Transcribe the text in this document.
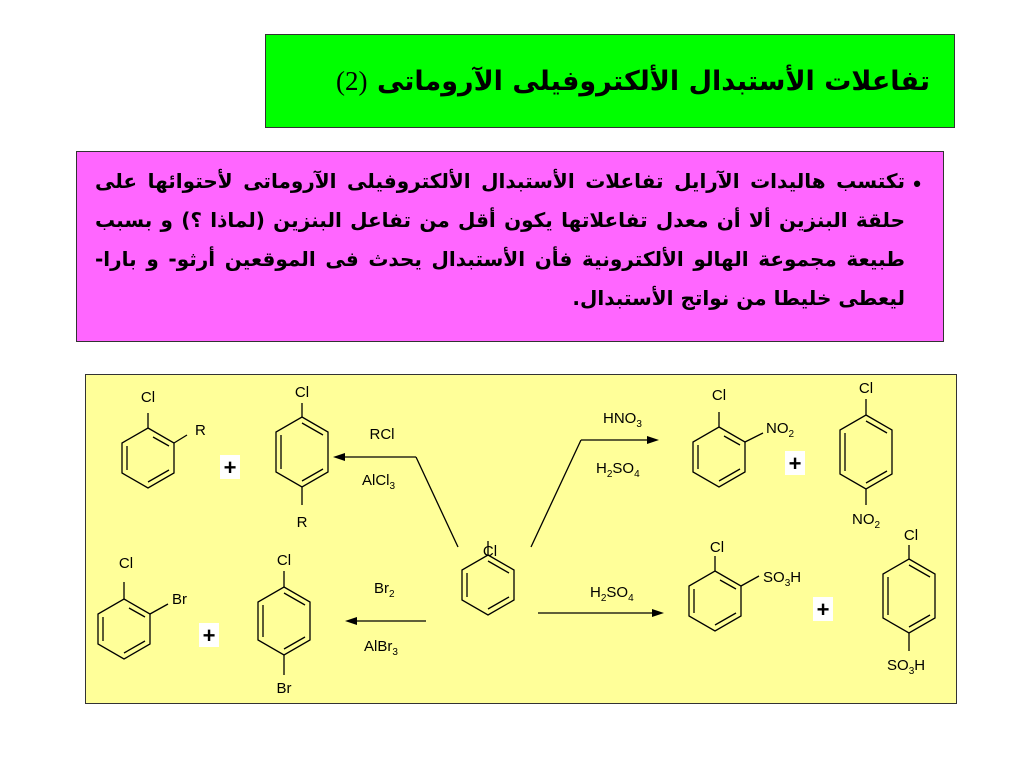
تفاعلات الأستبدال الألكتروفيلى الآروماتى (2)
•
تكتسب هاليدات الآرايل تفاعلات الأستبدال الألكتروفيلى الآروماتى لأحتوائها على حلقة البنزين ألا أن معدل تفاعلاتها يكون أقل من تفاعل البنزين (لماذا ؟) و بسبب طبيعة مجموعة الهالو الألكترونية فأن الأستبدال يحدث فى الموقعين أرثو- و بارا- ليعطى خليطا من نواتج الأستبدال.
+	+
+
+
Cl
Cl	Cl	Cl	Cl
Cl	Cl
Cl
Cl
R
R
Br
Br
$NO_2$
$NO_2$
$SO_3H$
$SO_3H$
RCl
AlCl$_3$
$HNO_3$
$H_2SO_4$
$Br_2$
AlBr$_3$
$H_2SO_4$
